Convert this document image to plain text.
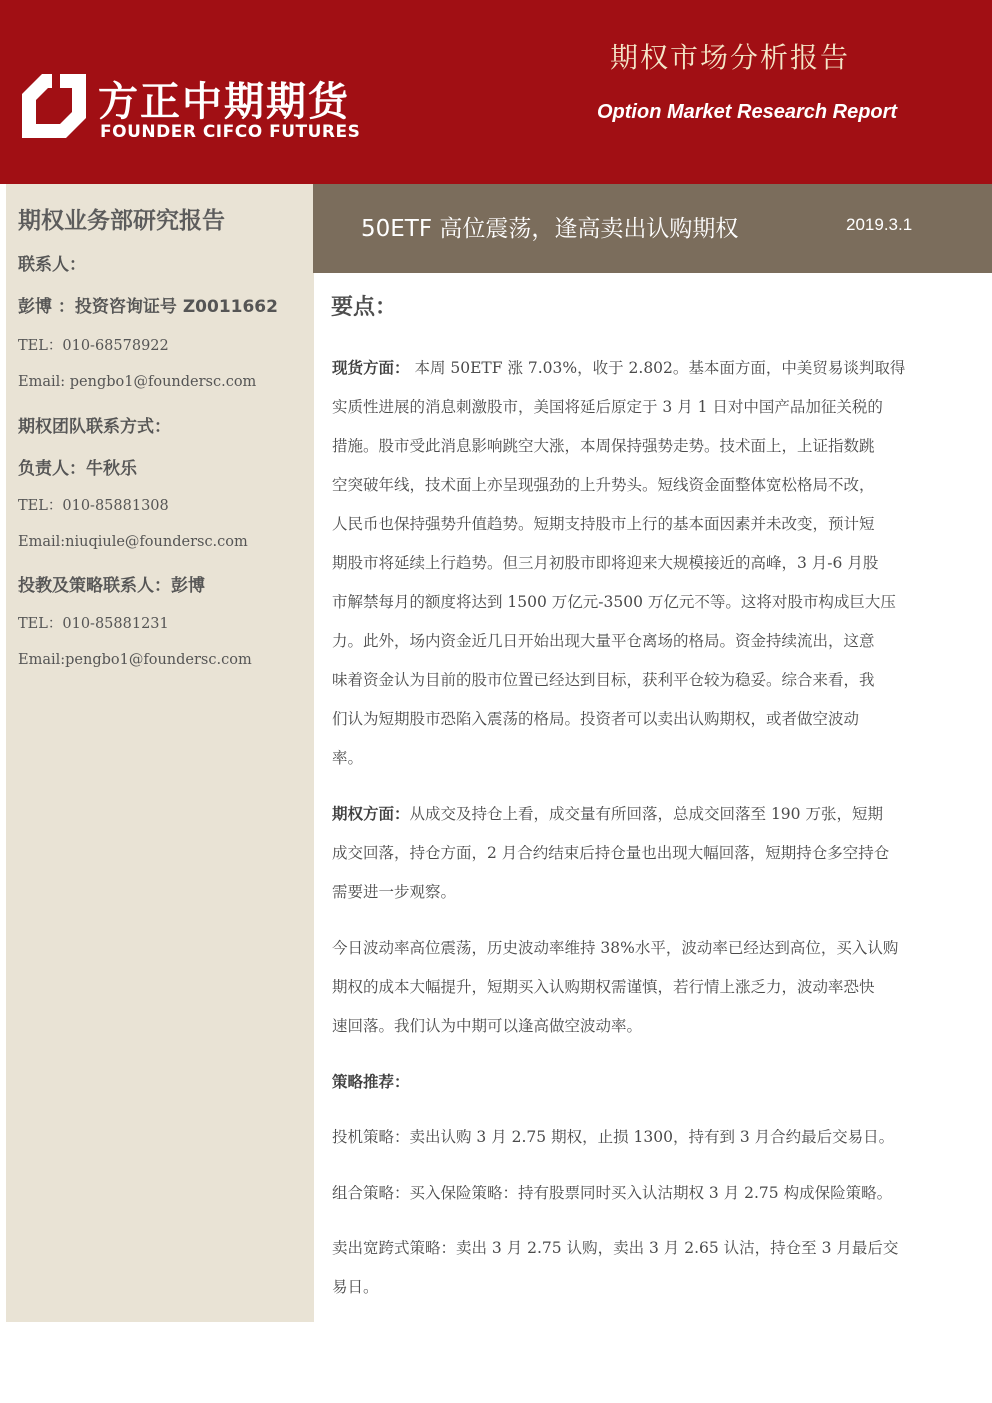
方正中期期货
FOUNDER CIFCO FUTURES
期权市场分析报告
Option Market Research Report
期权业务部研究报告
联系人：
彭博 ：投资咨询证号 Z0011662
TEL：010-68578922
Email: pengbo1@foundersc.com
期权团队联系方式：
负责人：牛秋乐
TEL：010-85881308
Email:niuqiule@foundersc.com
投教及策略联系人：彭博
TEL：010-85881231
Email:pengbo1@foundersc.com
50ETF 高位震荡，逢高卖出认购期权	2019.3.1
要点：
现货方面： 本周 50ETF 涨 7.03%，收于 2.802。基本面方面，中美贸易谈判取得
实质性进展的消息刺激股市，美国将延后原定于 3 月 1 日对中国产品加征关税的
措施。股市受此消息影响跳空大涨，本周保持强势走势。技术面上，上证指数跳
空突破年线，技术面上亦呈现强劲的上升势头。短线资金面整体宽松格局不改，
人民币也保持强势升值趋势。短期支持股市上行的基本面因素并未改变，预计短
期股市将延续上行趋势。但三月初股市即将迎来大规模接近的高峰，3 月-6 月股
市解禁每月的额度将达到 1500 万亿元-3500 万亿元不等。这将对股市构成巨大压
力。此外，场内资金近几日开始出现大量平仓离场的格局。资金持续流出，这意
味着资金认为目前的股市位置已经达到目标，获利平仓较为稳妥。综合来看，我
们认为短期股市恐陷入震荡的格局。投资者可以卖出认购期权，或者做空波动
率。
期权方面：从成交及持仓上看，成交量有所回落，总成交回落至 190 万张，短期
成交回落，持仓方面，2 月合约结束后持仓量也出现大幅回落，短期持仓多空持仓
需要进一步观察。
今日波动率高位震荡，历史波动率维持 38%水平，波动率已经达到高位，买入认购
期权的成本大幅提升，短期买入认购期权需谨慎，若行情上涨乏力，波动率恐快
速回落。我们认为中期可以逢高做空波动率。
策略推荐：
投机策略：卖出认购 3 月 2.75 期权，止损 1300，持有到 3 月合约最后交易日。
组合策略：买入保险策略：持有股票同时买入认沽期权 3 月 2.75 构成保险策略。
卖出宽跨式策略：卖出 3 月 2.75 认购，卖出 3 月 2.65 认沽，持仓至 3 月最后交
易日。
